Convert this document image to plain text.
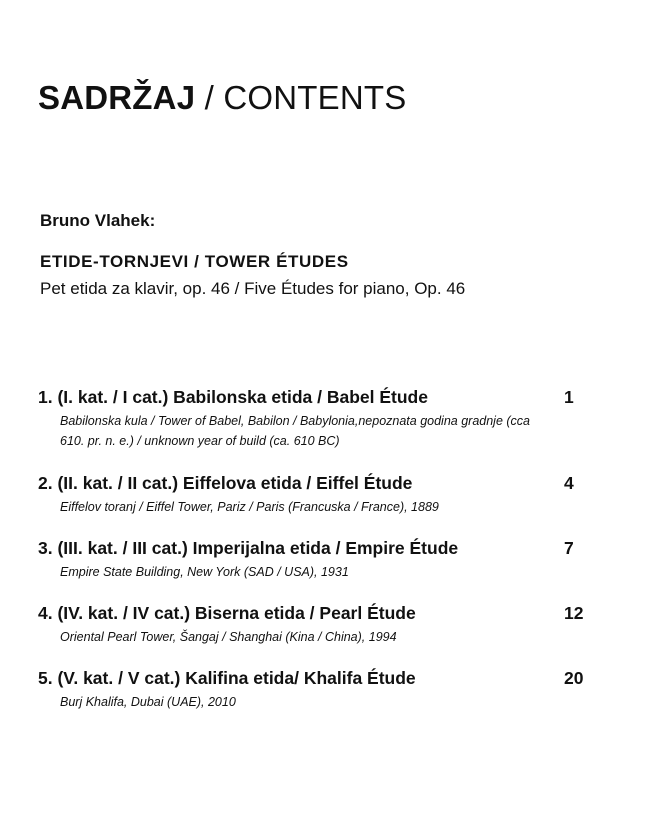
SADRŽAJ / CONTENTS
Bruno Vlahek:
ETIDE-TORNJEVI / TOWER ÉTUDES
Pet etida za klavir, op. 46 / Five Études for piano, Op. 46
1. (I. kat. / I cat.) Babilonska etida / Babel Étude	1
Babilonska kula / Tower of Babel, Babilon / Babylonia,nepoznata godina gradnje (cca 610. pr. n. e.) / unknown year of build (ca. 610 BC)
2. (II. kat. / II cat.) Eiffelova etida / Eiffel Étude	4
Eiffelov toranj / Eiffel Tower, Pariz / Paris (Francuska / France), 1889
3. (III. kat. / III cat.) Imperijalna etida / Empire Étude	7
Empire State Building, New York (SAD / USA), 1931
4. (IV. kat. / IV cat.) Biserna etida / Pearl Étude	12
Oriental Pearl Tower, Šangaj / Shanghai (Kina / China), 1994
5. (V. kat. / V cat.) Kalifina etida/ Khalifa Étude	20
Burj Khalifa, Dubai (UAE), 2010
